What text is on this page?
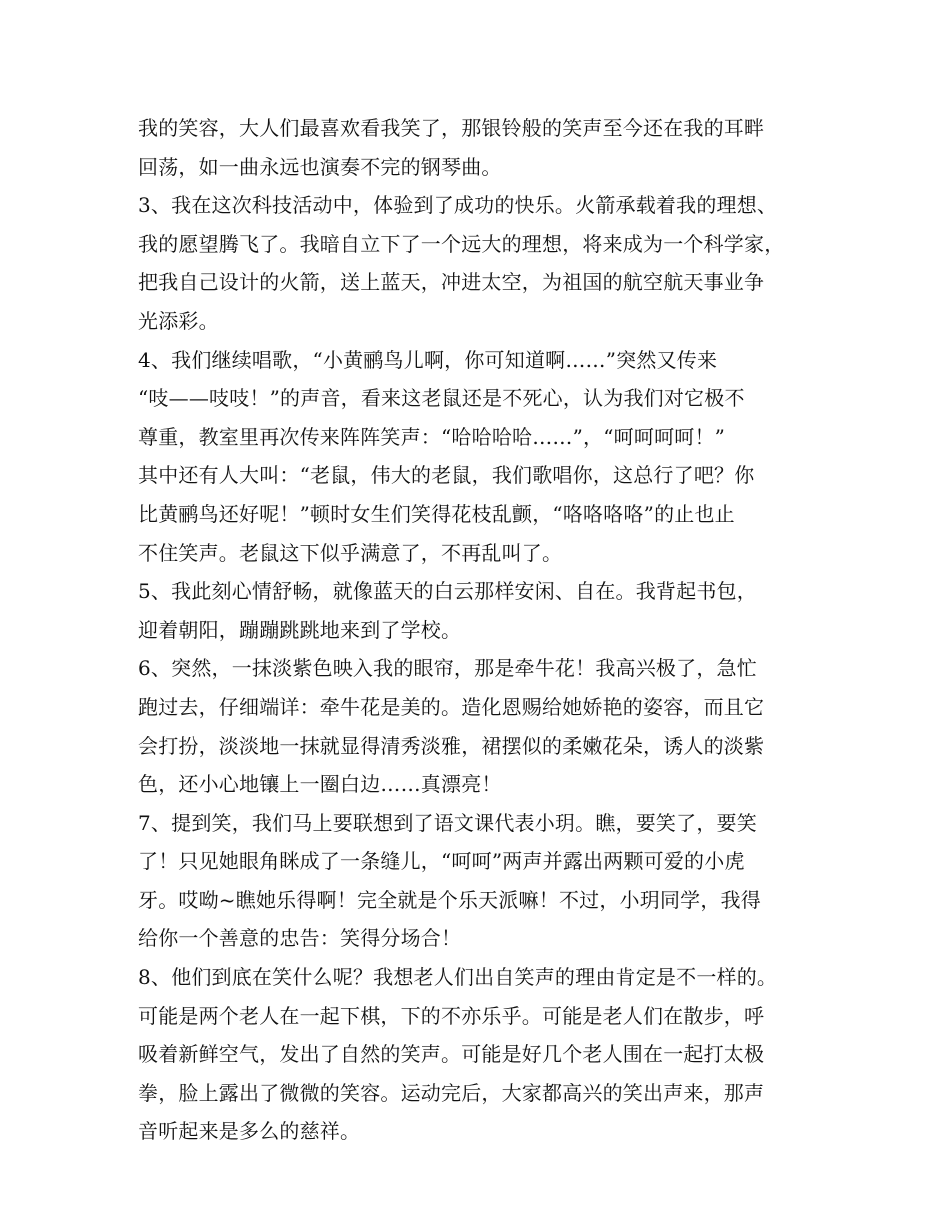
我的笑容，大人们最喜欢看我笑了，那银铃般的笑声至今还在我的耳畔
回荡，如一曲永远也演奏不完的钢琴曲。
3、我在这次科技活动中，体验到了成功的快乐。火箭承载着我的理想、
我的愿望腾飞了。我暗自立下了一个远大的理想，将来成为一个科学家，
把我自己设计的火箭，送上蓝天，冲进太空，为祖国的航空航天事业争
光添彩。
4、我们继续唱歌，“小黄鹂鸟儿啊，你可知道啊……”突然又传来
“吱——吱吱！”的声音，看来这老鼠还是不死心，认为我们对它极不
尊重，教室里再次传来阵阵笑声：“哈哈哈哈……”，“呵呵呵呵！”
其中还有人大叫：“老鼠，伟大的老鼠，我们歌唱你，这总行了吧？你
比黄鹂鸟还好呢！”顿时女生们笑得花枝乱颤，“咯咯咯咯”的止也止
不住笑声。老鼠这下似乎满意了，不再乱叫了。
5、我此刻心情舒畅，就像蓝天的白云那样安闲、自在。我背起书包，
迎着朝阳，蹦蹦跳跳地来到了学校。
6、突然，一抹淡紫色映入我的眼帘，那是牵牛花！我高兴极了，急忙
跑过去，仔细端详：牵牛花是美的。造化恩赐给她娇艳的姿容，而且它
会打扮，淡淡地一抹就显得清秀淡雅，裙摆似的柔嫩花朵，诱人的淡紫
色，还小心地镶上一圈白边……真漂亮！
7、提到笑，我们马上要联想到了语文课代表小玥。瞧，要笑了，要笑
了！只见她眼角眯成了一条缝儿，“呵呵”两声并露出两颗可爱的小虎
牙。哎呦~瞧她乐得啊！完全就是个乐天派嘛！不过，小玥同学，我得
给你一个善意的忠告：笑得分场合！
8、他们到底在笑什么呢？我想老人们出自笑声的理由肯定是不一样的。
可能是两个老人在一起下棋，下的不亦乐乎。可能是老人们在散步，呼
吸着新鲜空气，发出了自然的笑声。可能是好几个老人围在一起打太极
拳，脸上露出了微微的笑容。运动完后，大家都高兴的笑出声来，那声
音听起来是多么的慈祥。
